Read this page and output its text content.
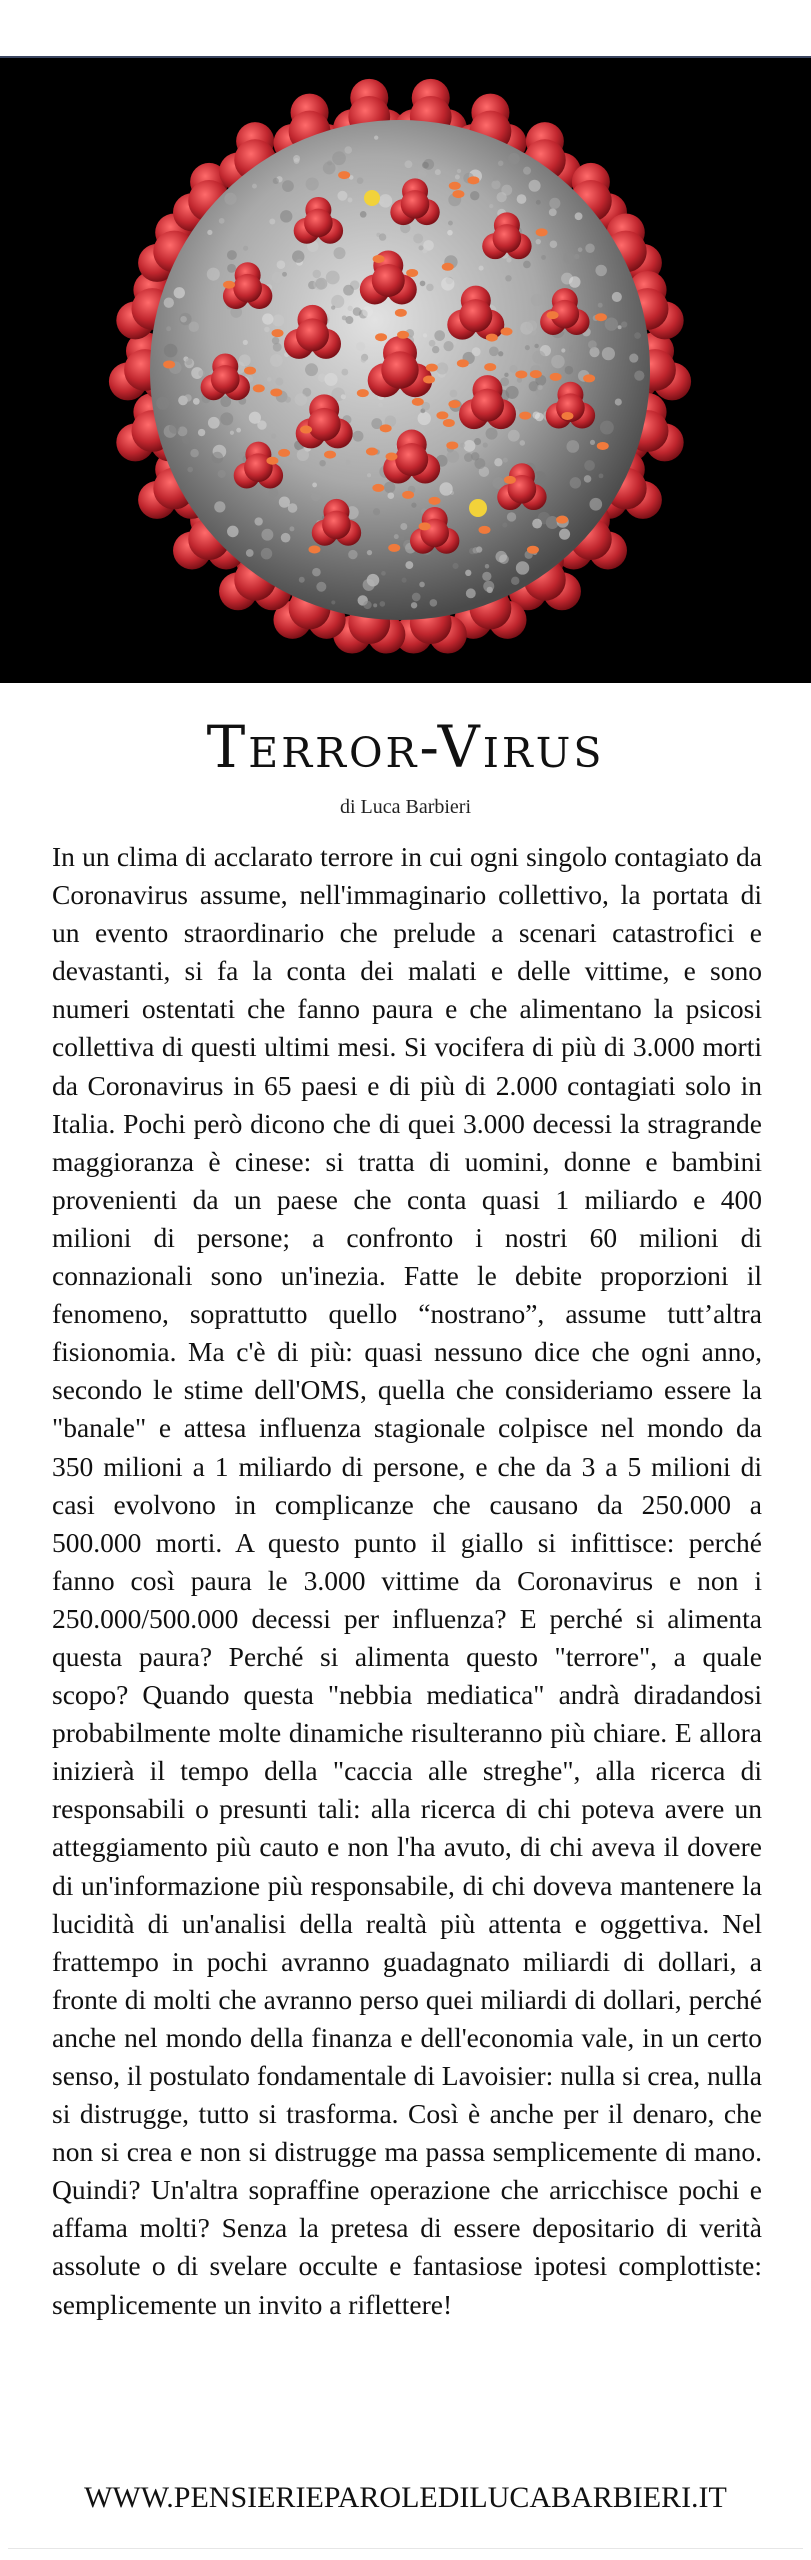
Terror-Virus
di Luca Barbieri
In un clima di acclarato terrore in cui ogni singolo contagiato da Coronavirus assume, nell'immaginario collettivo, la portata di un evento straordinario che prelude a scenari catastrofici e devastanti, si fa la conta dei malati e delle vittime, e sono numeri ostentati che fanno paura e che alimentano la psicosi collettiva di questi ultimi mesi. Si vocifera di più di 3.000 morti da Coronavirus in 65 paesi e di più di 2.000 contagiati solo in Italia. Pochi però dicono che di quei 3.000 decessi la stragrande maggioranza è cinese: si tratta di uomini, donne e bambini provenienti da un paese che conta quasi 1 miliardo e 400 milioni di persone; a confronto i nostri 60 milioni di connazionali sono un'inezia. Fatte le debite proporzioni il fenomeno, soprattutto quello “nostrano”, assume tutt’altra fisionomia. Ma c'è di più: quasi nessuno dice che ogni anno, secondo le stime dell'OMS, quella che consideriamo essere la "banale" e attesa influenza stagionale colpisce nel mondo da 350 milioni a 1 miliardo di persone, e che da 3 a 5 milioni di casi evolvono in complicanze che causano da 250.000 a 500.000 morti. A questo punto il giallo si infittisce: perché fanno così paura le 3.000 vittime da Coronavirus e non i 250.000/500.000 decessi per influenza? E perché si alimenta questa paura? Perché si alimenta questo "terrore", a quale scopo? Quando questa "nebbia mediatica" andrà diradandosi probabilmente molte dinamiche risulteranno più chiare. E allora inizierà il tempo della "caccia alle streghe", alla ricerca di responsabili o presunti tali: alla ricerca di chi poteva avere un atteggiamento più cauto e non l'ha avuto, di chi aveva il dovere di un'informazione più responsabile, di chi doveva mantenere la lucidità di un'analisi della realtà più attenta e oggettiva. Nel frattempo in pochi avranno guadagnato miliardi di dollari, a fronte di molti che avranno perso quei miliardi di dollari, perché anche nel mondo della finanza e dell'economia vale, in un certo senso, il postulato fondamentale di Lavoisier: nulla si crea, nulla si distrugge, tutto si trasforma. Così è anche per il denaro, che non si crea e non si distrugge ma passa semplicemente di mano. Quindi? Un'altra sopraffine operazione che arricchisce pochi e affama molti? Senza la pretesa di essere depositario di verità assolute o di svelare occulte e fantasiose ipotesi complottiste: semplicemente un invito a riflettere!
WWW.PENSIERIEPAROLEDILUCABARBIERI.IT
